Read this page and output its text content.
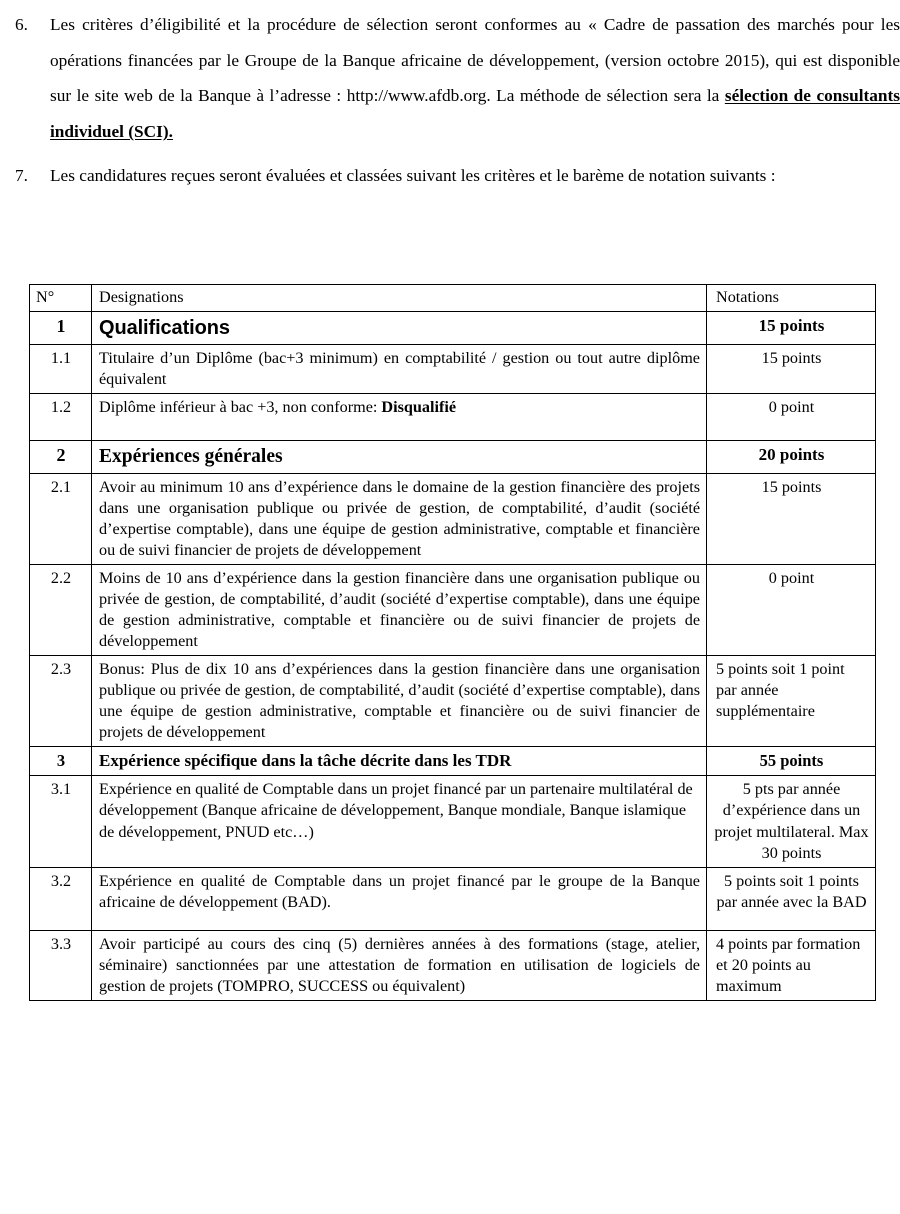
6.	Les critères d’éligibilité et la procédure de sélection seront conformes au « Cadre de passation des marchés pour les opérations financées par le Groupe de la Banque africaine de développement, (version octobre 2015), qui est disponible sur le site web de la Banque à l’adresse : http://www.afdb.org. La méthode de sélection sera la sélection de consultants individuel (SCI).
7.	Les candidatures reçues seront évaluées et classées suivant les critères et le barème de notation suivants :
N°	Designations	Notations
1	Qualifications	15 points
1.1	Titulaire d’un Diplôme (bac+3 minimum) en comptabilité / gestion ou tout autre diplôme équivalent	15 points
1.2	Diplôme inférieur à bac +3, non conforme: Disqualifié	0 point
2	Expériences générales	20 points
2.1	Avoir au minimum 10 ans d’expérience dans le domaine de la gestion financière des projets dans une organisation publique ou privée de gestion, de comptabilité, d’audit (société d’expertise comptable), dans une équipe de gestion administrative, comptable et financière ou de suivi financier de projets de développement	15 points
2.2	Moins de 10 ans d’expérience dans la gestion financière dans une organisation publique ou privée de gestion, de comptabilité, d’audit (société d’expertise comptable), dans une équipe de gestion administrative, comptable et financière ou de suivi financier de projets de développement	0 point
2.3	Bonus: Plus de dix 10 ans d’expériences dans la gestion financière dans une organisation publique ou privée de gestion, de comptabilité, d’audit (société d’expertise comptable), dans une équipe de gestion administrative, comptable et financière ou de suivi financier de projets de développement	5 points soit 1 point par année supplémentaire
3	Expérience spécifique dans la tâche décrite dans les TDR	55 points
3.1	Expérience en qualité de Comptable dans un projet financé par un partenaire multilatéral de développement (Banque africaine de développement, Banque mondiale, Banque islamique de développement, PNUD etc…)	5 pts par année d’expérience dans un projet multilateral. Max 30 points
3.2	Expérience en qualité de Comptable dans un projet financé par le groupe de la Banque africaine de développement (BAD).	5 points soit 1 points par année avec la BAD
3.3	Avoir participé au cours des cinq (5) dernières années à des formations (stage, atelier, séminaire) sanctionnées par une attestation de formation en utilisation de logiciels de gestion de projets (TOMPRO, SUCCESS ou équivalent)	4 points par formation et 20 points au maximum
